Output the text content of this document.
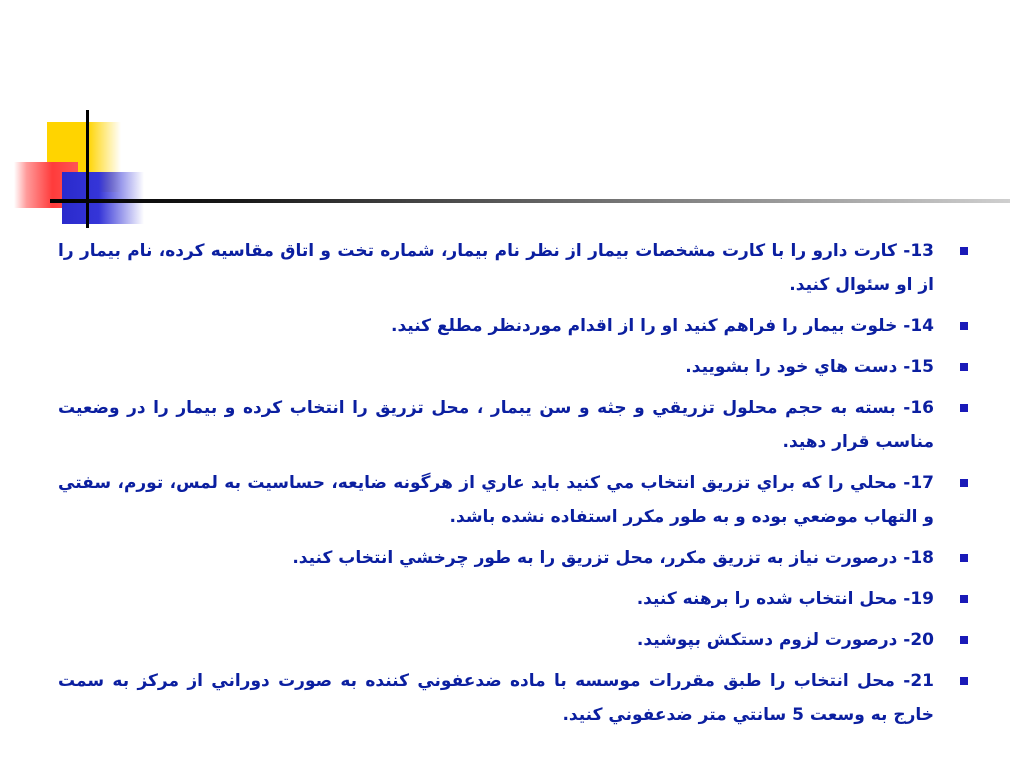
13- کارت دارو را با کارت مشخصات بیمار از نظر نام بیمار، شماره تخت و اتاق مقاسیه کرده، نام بیمار را از او سئوال کنید.
14- خلوت بیمار را فراهم کنید او را از اقدام موردنظر مطلع کنید.
15- دست هاي خود را بشویید.
16- بسته به حجم محلول تزریقي و جثه و سن یبمار ، محل تزریق را انتخاب کرده و بیمار را در وضعیت مناسب قرار دهید.
17- محلي را که براي تزریق انتخاب مي کنید باید عاري از هرگونه ضایعه، حساسیت به لمس، تورم، سفتي و التهاب موضعي بوده و به طور مکرر استفاده نشده باشد.
18- درصورت نیاز به تزریق مکرر، محل تزریق را به طور چرخشي انتخاب کنید.
19- محل انتخاب شده را برهنه کنید.
20- درصورت لزوم دستکش بپوشید.
21- محل انتخاب را طبق مقررات موسسه با ماده ضدعفوني کننده به صورت دوراني از مرکز به سمت خارج به وسعت 5 سانتي متر ضدعفوني کنید.
